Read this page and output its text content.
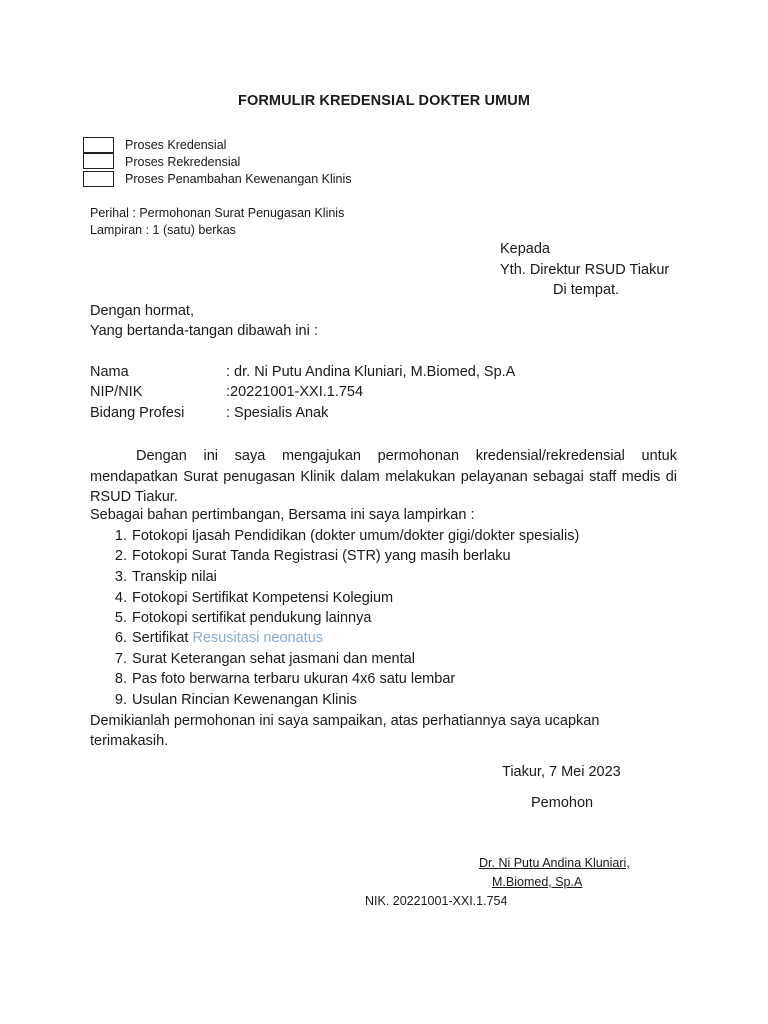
FORMULIR KREDENSIAL DOKTER UMUM
Proses Kredensial
Proses Rekredensial
Proses Penambahan Kewenangan Klinis
Perihal : Permohonan Surat Penugasan Klinis
Lampiran : 1 (satu) berkas
Kepada
Yth. Direktur RSUD Tiakur
Di tempat.
Dengan hormat,
Yang bertanda-tangan dibawah ini :
Nama	: dr. Ni Putu Andina Kluniari, M.Biomed, Sp.A
NIP/NIK	:20221001-XXI.1.754
Bidang Profesi	: Spesialis Anak
Dengan ini saya mengajukan permohonan kredensial/rekredensial untuk mendapatkan Surat penugasan Klinik dalam melakukan pelayanan sebagai staff medis di RSUD Tiakur.
Sebagai bahan pertimbangan, Bersama ini saya lampirkan :
1. Fotokopi Ijasah Pendidikan (dokter umum/dokter gigi/dokter spesialis)
2. Fotokopi Surat Tanda Registrasi (STR) yang masih berlaku
3. Transkip nilai
4. Fotokopi Sertifikat Kompetensi Kolegium
5. Fotokopi sertifikat pendukung lainnya
6. Sertifikat Resusitasi neonatus
7. Surat Keterangan sehat jasmani dan mental
8. Pas foto berwarna terbaru ukuran 4x6 satu lembar
9. Usulan Rincian Kewenangan Klinis
Demikianlah permohonan ini saya sampaikan, atas perhatiannya saya ucapkan
terimakasih.
Tiakur, 7 Mei 2023
Pemohon
Dr. Ni Putu Andina Kluniari,
M.Biomed, Sp.A
NIK. 20221001-XXI.1.754
